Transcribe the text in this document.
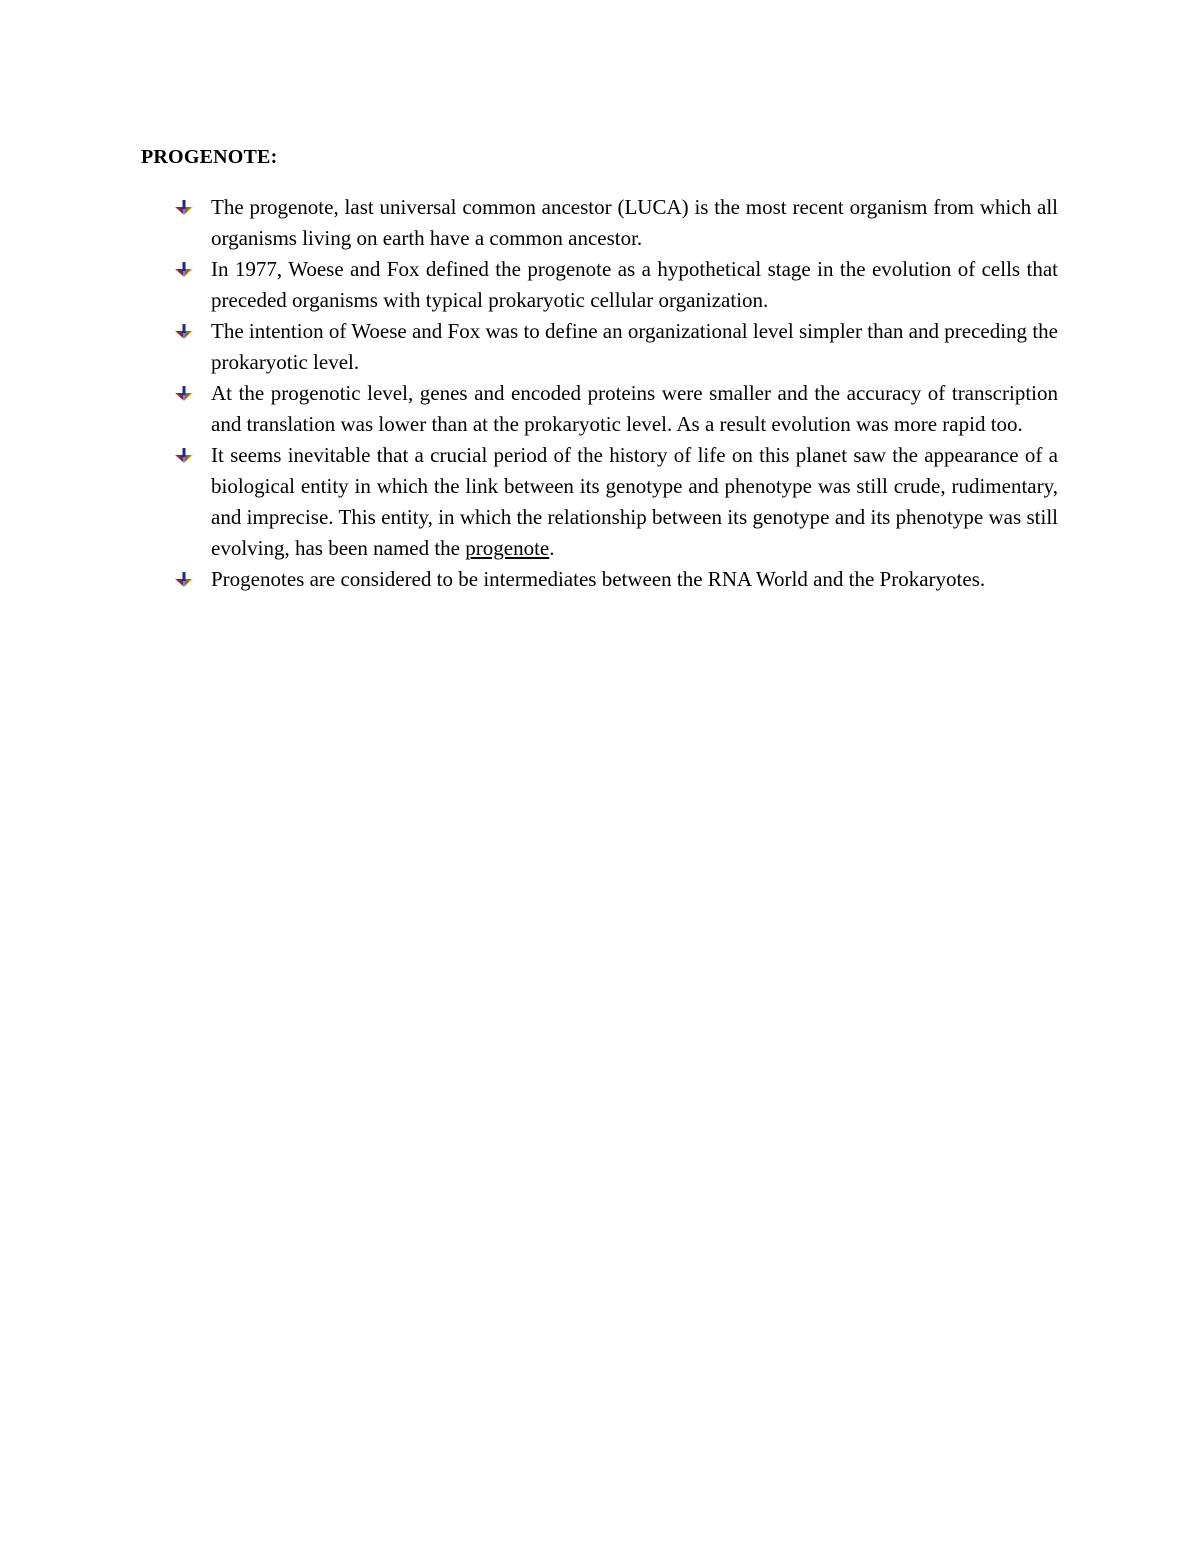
PROGENOTE:
The progenote, last universal common ancestor (LUCA) is the most recent organism from which all organisms living on earth have a common ancestor.
In 1977, Woese and Fox defined the progenote as a hypothetical stage in the evolution of cells that preceded organisms with typical prokaryotic cellular organization.
The intention of Woese and Fox was to define an organizational level simpler than and preceding the prokaryotic level.
At the progenotic level, genes and encoded proteins were smaller and the accuracy of transcription and translation was lower than at the prokaryotic level. As a result evolution was more rapid too.
It seems inevitable that a crucial period of the history of life on this planet saw the appearance of a biological entity in which the link between its genotype and phenotype was still crude, rudimentary, and imprecise. This entity, in which the relationship between its genotype and its phenotype was still evolving, has been named the progenote.
Progenotes are considered to be intermediates between the RNA World and the Prokaryotes.
